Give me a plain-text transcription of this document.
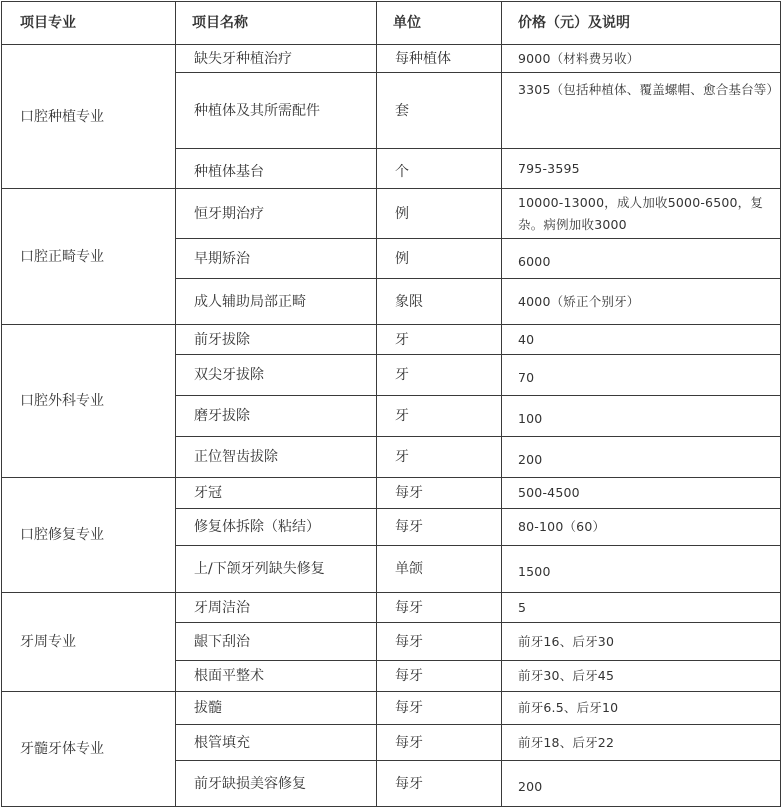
项目专业	项目名称	单位	价格（元）及说明
口腔种植专业	缺失牙种植治疗	每种植体	9000（材料费另收）
	种植体及其所需配件	套	3305（包括种植体、覆盖螺帽、愈合基台等）
	种植体基台	个	795-3595
口腔正畸专业	恒牙期治疗	例	10000-13000，成人加收5000-6500，复杂。病例加收3000
	早期矫治	例	6000
	成人辅助局部正畸	象限	4000（矫正个别牙）
口腔外科专业	前牙拔除	牙	40
	双尖牙拔除	牙	70
	磨牙拔除	牙	100
	正位智齿拔除	牙	200
口腔修复专业	牙冠	每牙	500-4500
	修复体拆除（粘结）	每牙	80-100（60）
	上/下颌牙列缺失修复	单颌	1500
牙周专业	牙周洁治	每牙	5
	龈下刮治	每牙	前牙16、后牙30
	根面平整术	每牙	前牙30、后牙45
牙髓牙体专业	拔髓	每牙	前牙6.5、后牙10
	根管填充	每牙	前牙18、后牙22
	前牙缺损美容修复	每牙	200
